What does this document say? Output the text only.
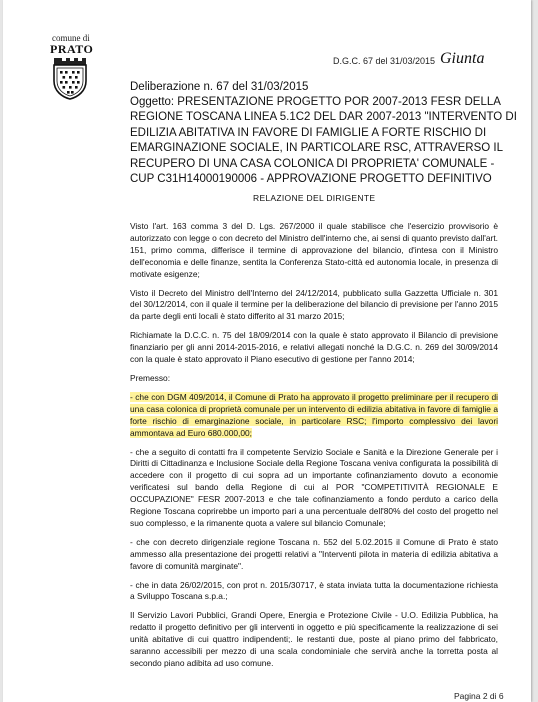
comune di
PRATO
D.G.C. 67 del 31/03/2015 Giunta
Deliberazione n. 67 del 31/03/2015
Oggetto: PRESENTAZIONE PROGETTO POR 2007-2013 FESR DELLA
REGIONE TOSCANA LINEA 5.1C2 DEL DAR 2007-2013 "INTERVENTO DI
EDILIZIA ABITATIVA IN FAVORE DI FAMIGLIE A FORTE RISCHIO DI
EMARGINAZIONE SOCIALE, IN PARTICOLARE RSC, ATTRAVERSO IL
RECUPERO DI UNA CASA COLONICA DI PROPRIETA' COMUNALE -
CUP C31H14000190006 - APPROVAZIONE PROGETTO DEFINITIVO
RELAZIONE DEL DIRIGENTE

Visto l'art. 163 comma 3 del D. Lgs. 267/2000 il quale stabilisce che l'esercizio provvisorio è autorizzato con legge o con decreto del Ministro dell'interno che, ai sensi di quanto previsto dall'art. 151, primo comma, differisce il termine di approvazione del bilancio, d'intesa con il Ministro dell'economia e delle finanze, sentita la Conferenza Stato-città ed autonomia locale, in presenza di motivate esigenze;

Visto il Decreto del Ministro dell'Interno del 24/12/2014, pubblicato sulla Gazzetta Ufficiale n. 301 del 30/12/2014, con il quale il termine per la deliberazione del bilancio di previsione per l'anno 2015 da parte degli enti locali è stato differito al 31 marzo 2015;

Richiamate la D.C.C. n. 75 del 18/09/2014 con la quale è stato approvato il Bilancio di previsione finanziario per gli anni 2014-2015-2016, e relativi allegati nonché la D.G.C. n. 269 del 30/09/2014 con la quale è stato approvato il Piano esecutivo di gestione per l'anno 2014;

Premesso:

- che con DGM 409/2014, il Comune di Prato ha approvato il progetto preliminare per il recupero di una casa colonica di proprietà comunale per un intervento di edilizia abitativa in favore di famiglie a forte rischio di emarginazione sociale, in particolare RSC; l'importo complessivo dei lavori ammontava ad Euro 680.000,00;

- che a seguito di contatti fra il competente Servizio Sociale e Sanità e la Direzione Generale per i Diritti di Cittadinanza e Inclusione Sociale della Regione Toscana veniva configurata la possibilità di accedere con il progetto di cui sopra ad un importante cofinanziamento dovuto a economie verificatesi sul bando della Regione di cui al POR "COMPETITIVITÀ REGIONALE E OCCUPAZIONE" FESR 2007-2013 e che tale cofinanziamento a fondo perduto a carico della Regione Toscana coprirebbe un importo pari a una percentuale dell'80% del costo del progetto nel suo complesso, e la rimanente quota a valere sul bilancio Comunale;

- che con decreto dirigenziale regione Toscana n. 552 del 5.02.2015 il Comune di Prato è stato ammesso alla presentazione dei progetti relativi a "Interventi pilota in materia di edilizia abitativa a favore di comunità marginate".

- che in data 26/02/2015, con prot n. 2015/30717, è stata inviata tutta la documentazione richiesta a Sviluppo Toscana s.p.a.;

Il Servizio Lavori Pubblici, Grandi Opere, Energia e Protezione Civile - U.O. Edilizia Pubblica, ha redatto il progetto definitivo per gli interventi in oggetto e più specificamente la realizzazione di sei unità abitative di cui quattro indipendenti;. le restanti due, poste al piano primo del fabbricato, saranno accessibili per mezzo di una scala condominiale che servirà anche la torretta posta al secondo piano adibita ad uso comune.

Pagina 2 di 6
